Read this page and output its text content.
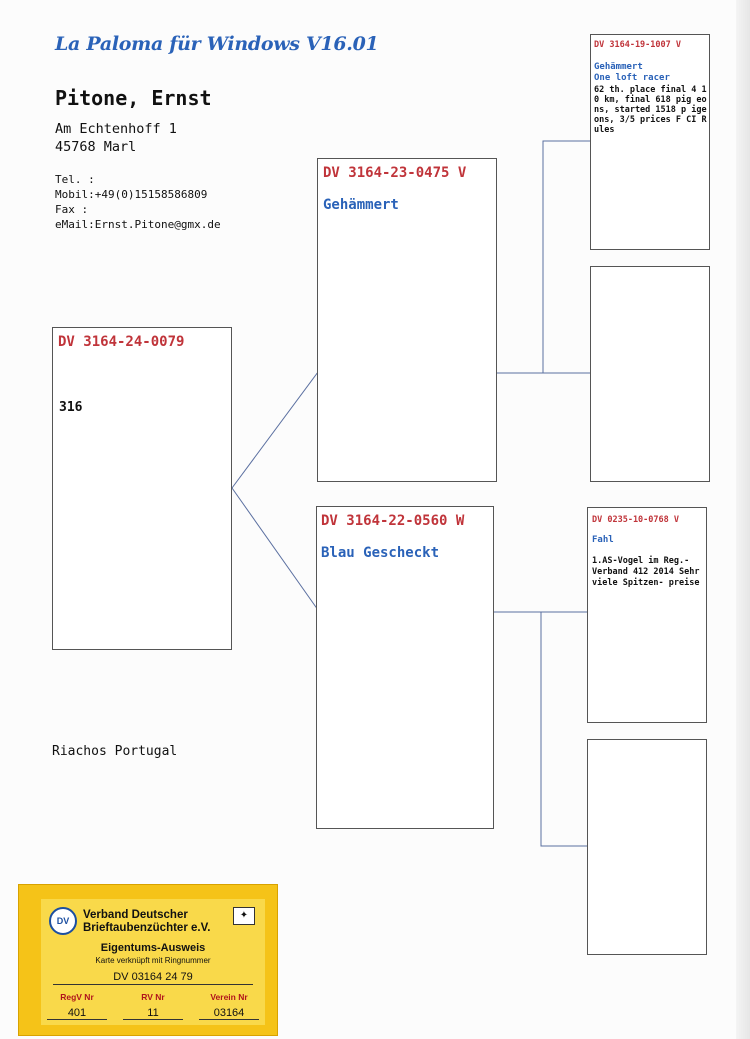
La Paloma für Windows V16.01
Pitone, Ernst
Am Echtenhoff 1
45768 Marl
Tel. :
Mobil:+49(0)15158586809
Fax :
eMail:Ernst.Pitone@gmx.de
DV 3164-24-0079
316
DV 3164-23-0475 V
Gehämmert
DV 3164-22-0560 W
Blau Gescheckt
DV 3164-19-1007 V
Gehämmert
One loft racer
62 th. place final 4 10 km, final 618 pig eons, started 1518 p igeons, 3/5 prices F CI Rules
DV 0235-10-0768 V
Fahl
1.AS-Vogel im Reg.- Verband 412 2014 Sehr viele Spitzen- preise
Riachos Portugal
DV	Verband Deutscher
Brieftaubenzüchter e.V.
✦
Eigentums-Ausweis
Karte verknüpft mit Ringnummer
DV 03164 24 79
RegV Nr	RV Nr	Verein Nr
401	11	03164
